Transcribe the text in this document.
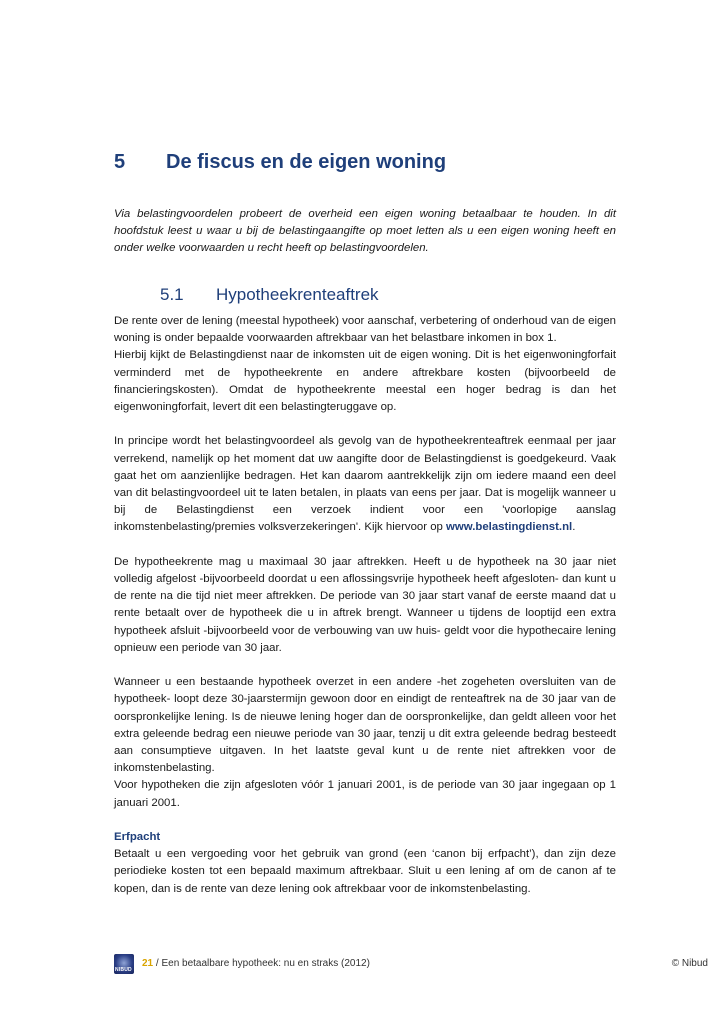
5	De fiscus en de eigen woning
Via belastingvoordelen probeert de overheid een eigen woning betaalbaar te houden. In dit hoofdstuk leest u waar u bij de belastingaangifte op moet letten als u een eigen woning heeft en onder welke voorwaarden u recht heeft op belastingvoordelen.
5.1	Hypotheekrenteaftrek

De rente over de lening (meestal hypotheek) voor aanschaf, verbetering of onderhoud van de eigen woning is onder bepaalde voorwaarden aftrekbaar van het belastbare inkomen in box 1.

Hierbij kijkt de Belastingdienst naar de inkomsten uit de eigen woning. Dit is het eigenwoningforfait verminderd met de hypotheekrente en andere aftrekbare kosten (bijvoorbeeld de financieringskosten). Omdat de hypotheekrente meestal een hoger bedrag is dan het eigenwoningforfait, levert dit een belastingteruggave op.

In principe wordt het belastingvoordeel als gevolg van de hypotheekrenteaftrek eenmaal per jaar verrekend, namelijk op het moment dat uw aangifte door de Belastingdienst is goedgekeurd. Vaak gaat het om aanzienlijke bedragen. Het kan daarom aantrekkelijk zijn om iedere maand een deel van dit belastingvoordeel uit te laten betalen, in plaats van eens per jaar. Dat is mogelijk wanneer u bij de Belastingdienst een verzoek indient voor een 'voorlopige aanslag inkomstenbelasting/premies volksverzekeringen'. Kijk hiervoor op www.belastingdienst.nl.

De hypotheekrente mag u maximaal 30 jaar aftrekken. Heeft u de hypotheek na 30 jaar niet volledig afgelost -bijvoorbeeld doordat u een aflossingsvrije hypotheek heeft afgesloten- dan kunt u de rente na die tijd niet meer aftrekken. De periode van 30 jaar start vanaf de eerste maand dat u rente betaalt over de hypotheek die u in aftrek brengt. Wanneer u tijdens de looptijd een extra hypotheek afsluit -bijvoorbeeld voor de verbouwing van uw huis- geldt voor die hypothecaire lening opnieuw een periode van 30 jaar.

Wanneer u een bestaande hypotheek overzet in een andere -het zogeheten oversluiten van de hypotheek- loopt deze 30-jaarstermijn gewoon door en eindigt de renteaftrek na de 30 jaar van de oorspronkelijke lening. Is de nieuwe lening hoger dan de oorspronkelijke, dan geldt alleen voor het extra geleende bedrag een nieuwe periode van 30 jaar, tenzij u dit extra geleende bedrag besteedt aan consumptieve uitgaven. In het laatste geval kunt u de rente niet aftrekken voor de inkomstenbelasting.

Voor hypotheken die zijn afgesloten vóór 1 januari 2001, is de periode van 30 jaar ingegaan op 1 januari 2001.

Erfpacht
Betaalt u een vergoeding voor het gebruik van grond (een ‘canon bij erfpacht’), dan zijn deze periodieke kosten tot een bepaald maximum aftrekbaar. Sluit u een lening af om de canon af te kopen, dan is de rente van deze lening ook aftrekbaar voor de inkomstenbelasting.

NIBUD
21 / Een betaalbare hypotheek: nu en straks (2012)	© Nibud
